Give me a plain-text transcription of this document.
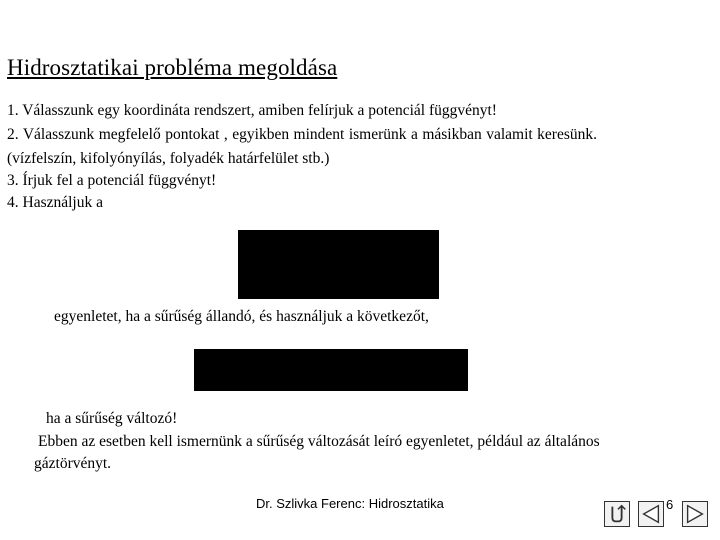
Hidrosztatikai probléma megoldása
1. Válasszunk egy koordináta rendszert, amiben felírjuk a potenciál függvényt!
2. Válasszunk megfelelő pontokat , egyikben mindent ismerünk a másikban valamit keresünk.
(vízfelszín, kifolyónyílás, folyadék határfelület stb.)
3. Írjuk fel a potenciál függvényt!
4. Használjuk a
egyenletet, ha a sűrűség állandó, és használjuk a következőt,
ha a sűrűség változó!
Ebben az esetben kell ismernünk a sűrűség változását leíró egyenletet, például az általános
gáztörvényt.
Dr. Szlivka Ferenc: Hidrosztatika	6
